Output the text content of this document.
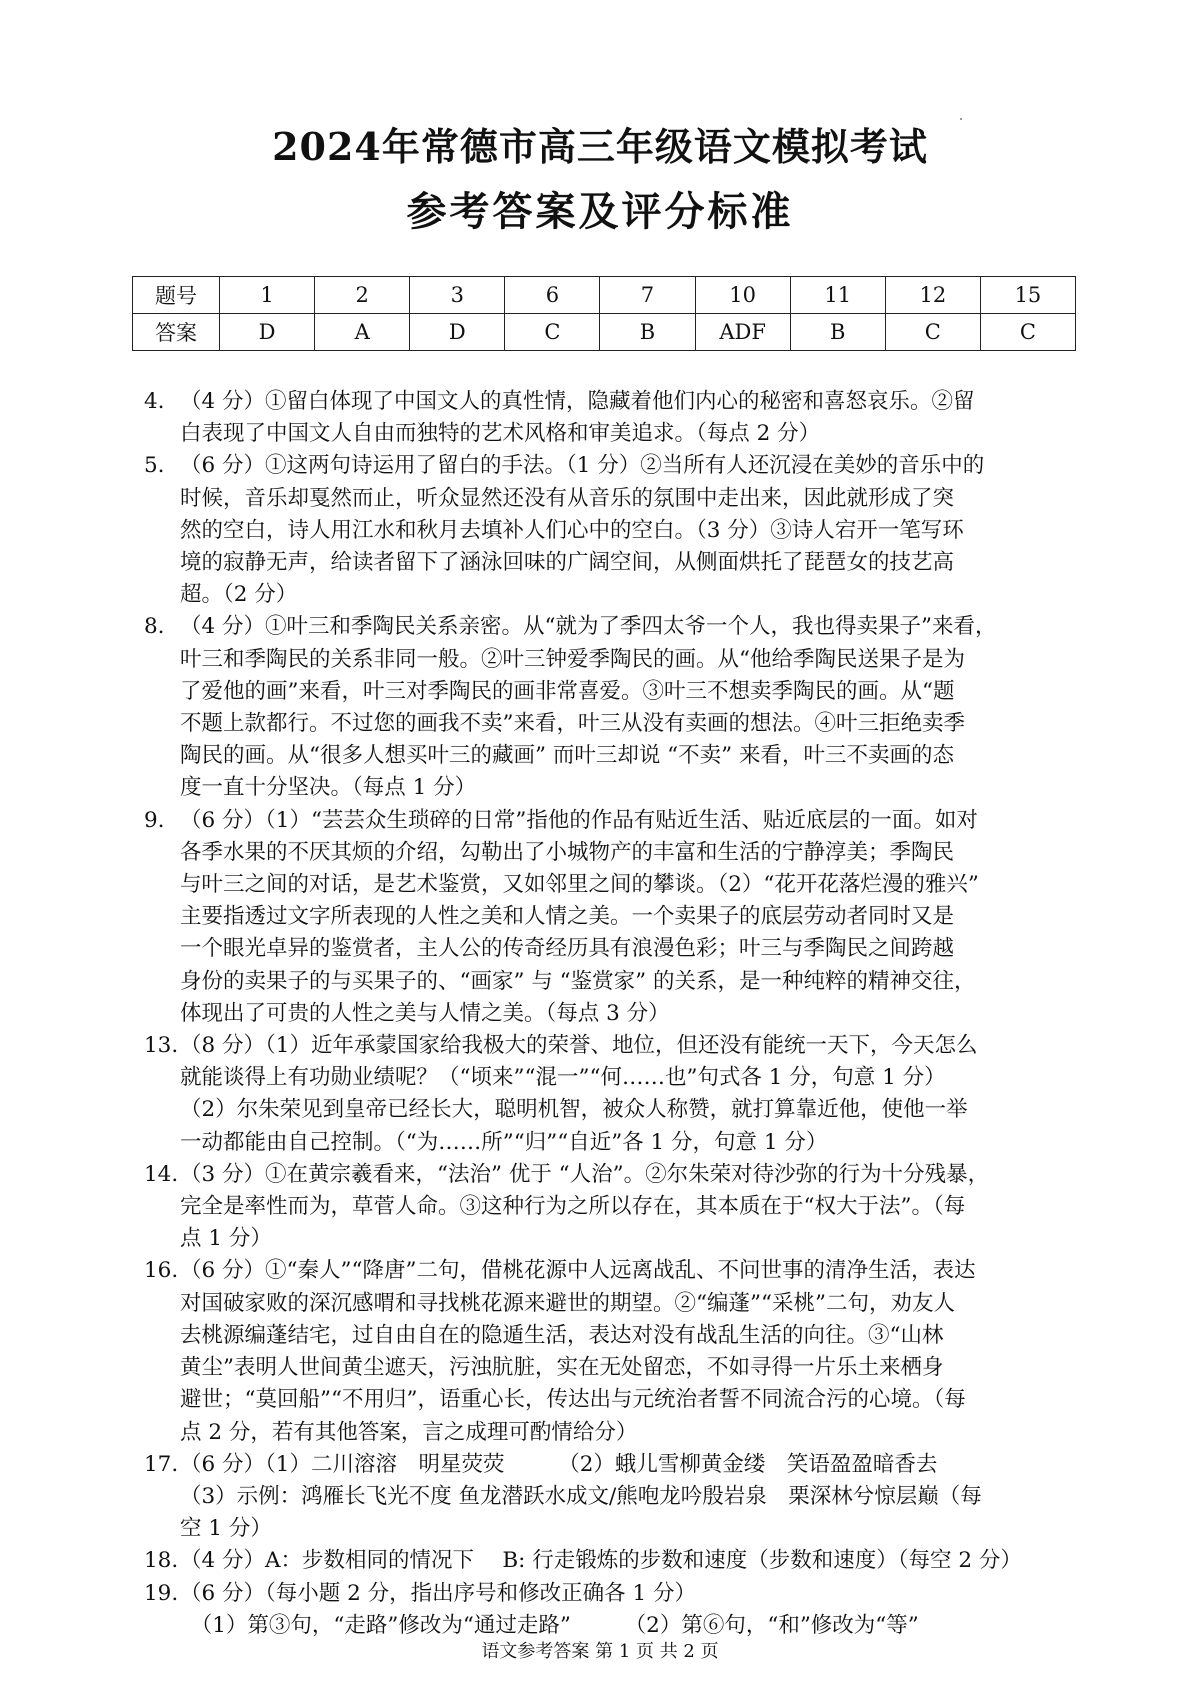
2024年常德市高三年级语文模拟考试
参考答案及评分标准
题号	1	2	3	6	7	10	11	12	15
答案	D	A	D	C	B	ADF	B	C	C
4. （4 分）①留白体现了中国文人的真性情，隐藏着他们内心的秘密和喜怒哀乐。②留
白表现了中国文人自由而独特的艺术风格和审美追求。（每点 2 分）
5. （6 分）①这两句诗运用了留白的手法。（1 分）②当所有人还沉浸在美妙的音乐中的
时候，音乐却戛然而止，听众显然还没有从音乐的氛围中走出来，因此就形成了突
然的空白，诗人用江水和秋月去填补人们心中的空白。（3 分）③诗人宕开一笔写环
境的寂静无声，给读者留下了涵泳回味的广阔空间，从侧面烘托了琵琶女的技艺高
超。（2 分）
8. （4 分）①叶三和季陶民关系亲密。从“就为了季四太爷一个人，我也得卖果子”来看，
叶三和季陶民的关系非同一般。②叶三钟爱季陶民的画。从“他给季陶民送果子是为
了爱他的画”来看，叶三对季陶民的画非常喜爱。③叶三不想卖季陶民的画。从“题
不题上款都行。不过您的画我不卖”来看，叶三从没有卖画的想法。④叶三拒绝卖季
陶民的画。从“很多人想买叶三的藏画” 而叶三却说 “不卖” 来看，叶三不卖画的态
度一直十分坚决。（每点 1 分）
9. （6 分）（1）“芸芸众生琐碎的日常”指他的作品有贴近生活、贴近底层的一面。如对
各季水果的不厌其烦的介绍，勾勒出了小城物产的丰富和生活的宁静淳美；季陶民
与叶三之间的对话，是艺术鉴赏，又如邻里之间的攀谈。（2）“花开花落烂漫的雅兴”
主要指透过文字所表现的人性之美和人情之美。一个卖果子的底层劳动者同时又是
一个眼光卓异的鉴赏者，主人公的传奇经历具有浪漫色彩；叶三与季陶民之间跨越
身份的卖果子的与买果子的、“画家” 与 “鉴赏家” 的关系，是一种纯粹的精神交往，
体现出了可贵的人性之美与人情之美。（每点 3 分）
13. （8 分）（1）近年承蒙国家给我极大的荣誉、地位，但还没有能统一天下，今天怎么
就能谈得上有功勋业绩呢？（“顷来”“混一”“何……也”句式各 1 分，句意 1 分）
（2）尔朱荣见到皇帝已经长大，聪明机智，被众人称赞，就打算靠近他，使他一举
一动都能由自己控制。（“为……所”“归”“自近”各 1 分，句意 1 分）
14. （3 分）①在黄宗羲看来，“法治” 优于 “人治”。②尔朱荣对待沙弥的行为十分残暴，
完全是率性而为，草菅人命。③这种行为之所以存在，其本质在于“权大于法”。（每
点 1 分）
16. （6 分）①“秦人”“降唐”二句，借桃花源中人远离战乱、不问世事的清净生活，表达
对国破家败的深沉感喟和寻找桃花源来避世的期望。②“编蓬”“采桃”二句，劝友人
去桃源编蓬结宅，过自由自在的隐遁生活，表达对没有战乱生活的向往。③“山林
黄尘”表明人世间黄尘遮天，污浊肮脏，实在无处留恋，不如寻得一片乐土来栖身
避世；“莫回船”“不用归”，语重心长，传达出与元统治者誓不同流合污的心境。（每
点 2 分，若有其他答案，言之成理可酌情给分）
17. （6 分）（1）二川溶溶　明星荧荧　　　（2）蛾儿雪柳黄金缕　笑语盈盈暗香去
（3）示例：鸿雁长飞光不度 鱼龙潜跃水成文/熊咆龙吟殷岩泉　栗深林兮惊层巅（每
空 1 分）
18. （4 分）A：步数相同的情况下　 B: 行走锻炼的步数和速度（步数和速度）（每空 2 分）
19. （6 分）（每小题 2 分，指出序号和修改正确各 1 分）
　（1）第③句，“走路”修改为“通过走路”　　　（2）第⑥句，“和”修改为“等”
语文参考答案 第 1 页 共 2 页
